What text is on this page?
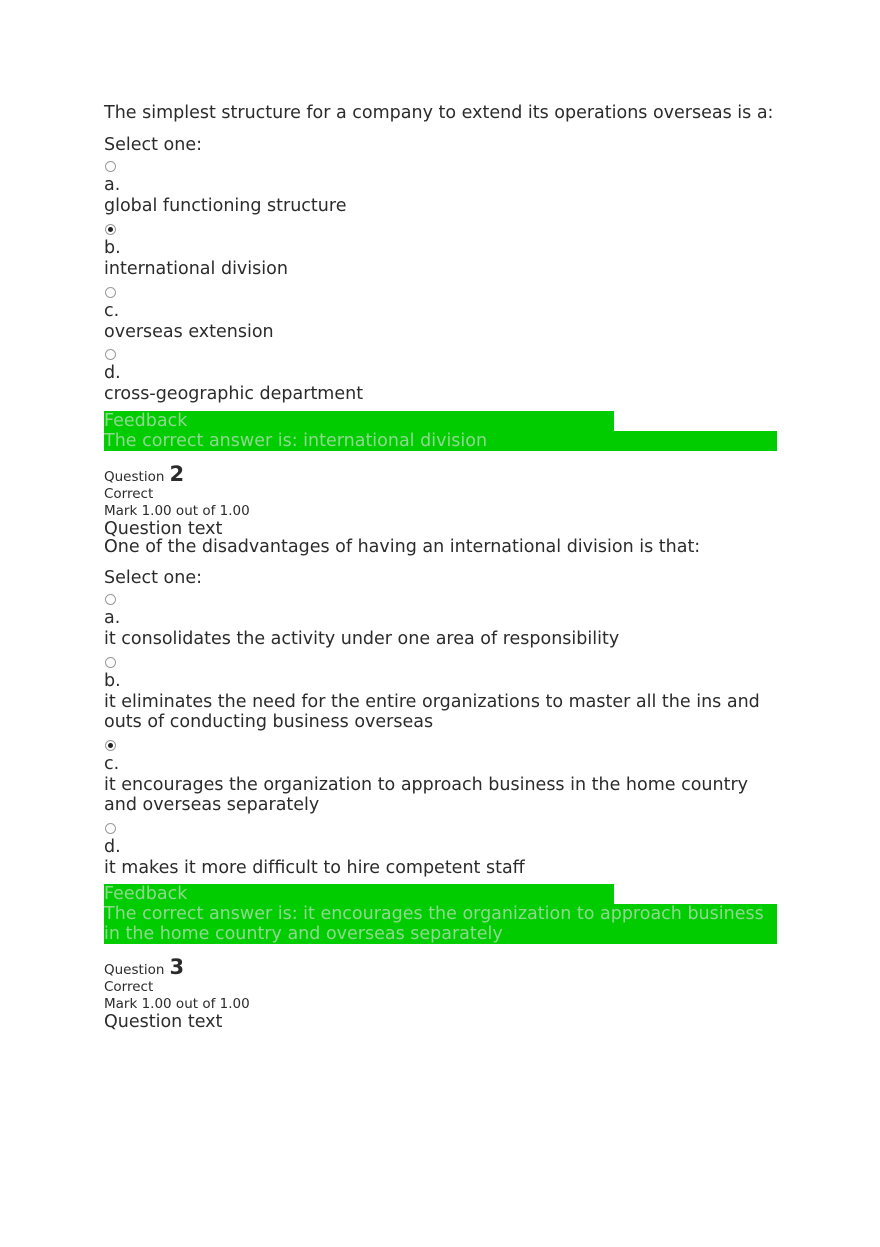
The simplest structure for a company to extend its operations overseas is a:
Select one:
a.
global functioning structure
b.
international division
c.
overseas extension
d.
cross-geographic department
Feedback
The correct answer is: international division
Question 2
Correct
Mark 1.00 out of 1.00
Question text
One of the disadvantages of having an international division is that:
Select one:
a.
it consolidates the activity under one area of responsibility
b.
it eliminates the need for the entire organizations to master all the ins and outs of conducting business overseas
c.
it encourages the organization to approach business in the home country and overseas separately
d.
it makes it more difﬁcult to hire competent staff
Feedback
The correct answer is: it encourages the organization to approach business in the home country and overseas separately
Question 3
Correct
Mark 1.00 out of 1.00
Question text
